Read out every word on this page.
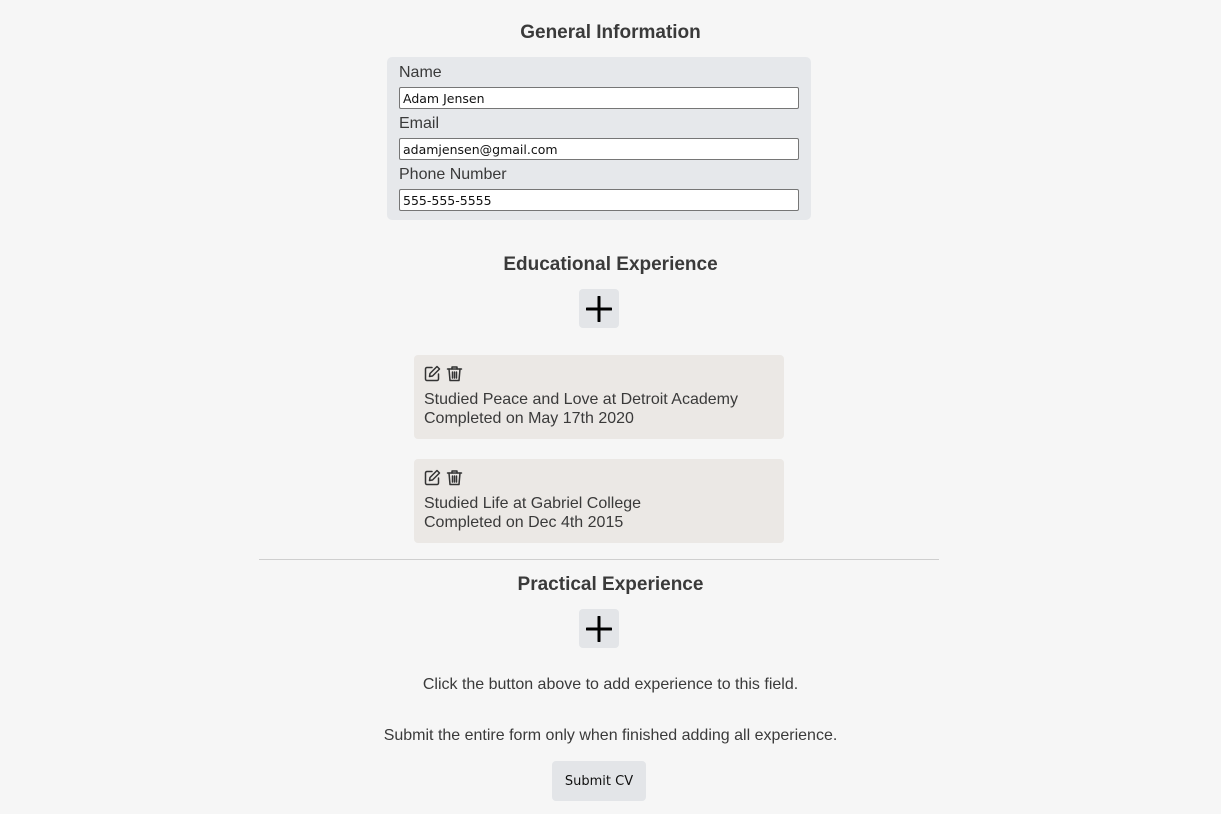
General Information
Name
Adam Jensen
Email
adamjensen@gmail.com
Phone Number
555-555-5555
Educational Experience
Studied Peace and Love at Detroit Academy
Completed on May 17th 2020
Studied Life at Gabriel College
Completed on Dec 4th 2015
Practical Experience
Click the button above to add experience to this field.
Submit the entire form only when finished adding all experience.
Submit CV
